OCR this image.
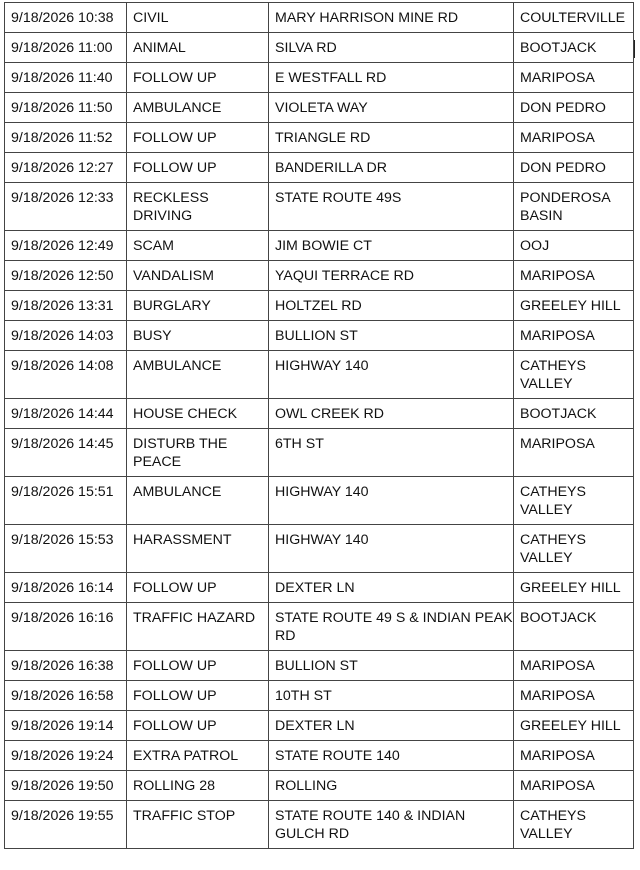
9/18/2026 10:38	CIVIL	MARY HARRISON MINE RD	COULTERVILLE
9/18/2026 11:00	ANIMAL	SILVA RD	BOOTJACK
9/18/2026 11:40	FOLLOW UP	E WESTFALL RD	MARIPOSA
9/18/2026 11:50	AMBULANCE	VIOLETA WAY	DON PEDRO
9/18/2026 11:52	FOLLOW UP	TRIANGLE RD	MARIPOSA
9/18/2026 12:27	FOLLOW UP	BANDERILLA DR	DON PEDRO
9/18/2026 12:33	RECKLESS DRIVING	STATE ROUTE 49S	PONDEROSA BASIN
9/18/2026 12:49	SCAM	JIM BOWIE CT	OOJ
9/18/2026 12:50	VANDALISM	YAQUI TERRACE RD	MARIPOSA
9/18/2026 13:31	BURGLARY	HOLTZEL RD	GREELEY HILL
9/18/2026 14:03	BUSY	BULLION ST	MARIPOSA
9/18/2026 14:08	AMBULANCE	HIGHWAY 140	CATHEYS VALLEY
9/18/2026 14:44	HOUSE CHECK	OWL CREEK RD	BOOTJACK
9/18/2026 14:45	DISTURB THE PEACE	6TH ST	MARIPOSA
9/18/2026 15:51	AMBULANCE	HIGHWAY 140	CATHEYS VALLEY
9/18/2026 15:53	HARASSMENT	HIGHWAY 140	CATHEYS VALLEY
9/18/2026 16:14	FOLLOW UP	DEXTER LN	GREELEY HILL
9/18/2026 16:16	TRAFFIC HAZARD	STATE ROUTE 49 S & INDIAN PEAK RD	BOOTJACK
9/18/2026 16:38	FOLLOW UP	BULLION ST	MARIPOSA
9/18/2026 16:58	FOLLOW UP	10TH ST	MARIPOSA
9/18/2026 19:14	FOLLOW UP	DEXTER LN	GREELEY HILL
9/18/2026 19:24	EXTRA PATROL	STATE ROUTE 140	MARIPOSA
9/18/2026 19:50	ROLLING 28	ROLLING	MARIPOSA
9/18/2026 19:55	TRAFFIC STOP	STATE ROUTE 140 & INDIAN GULCH RD	CATHEYS VALLEY
